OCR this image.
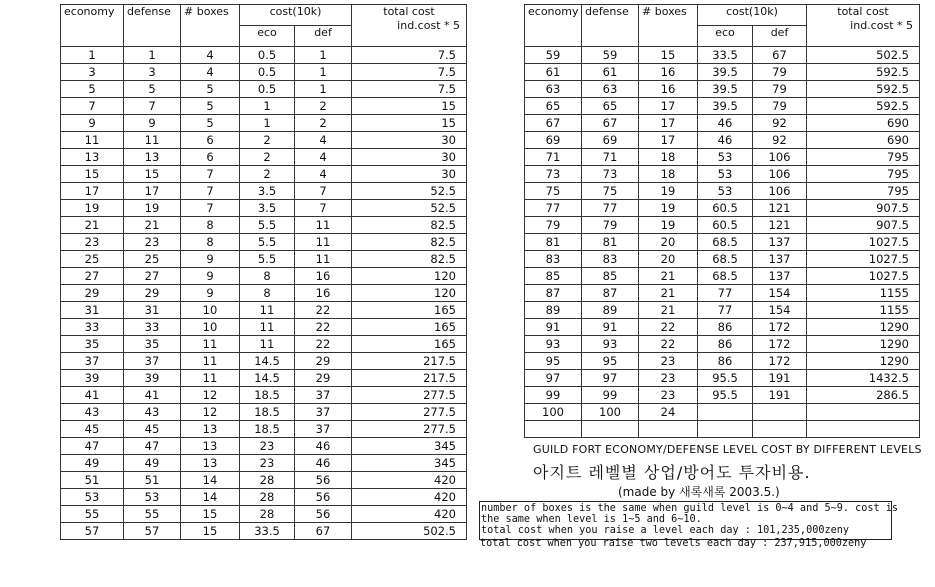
economy	defense	# boxes	cost(10k)		total cost
ind.cost * 5

			eco	def	
1	1	4	0.5	1	7.5
3	3	4	0.5	1	7.5
5	5	5	0.5	1	7.5
7	7	5	1	2	15
9	9	5	1	2	15
11	11	6	2	4	30
13	13	6	2	4	30
15	15	7	2	4	30
17	17	7	3.5	7	52.5
19	19	7	3.5	7	52.5
21	21	8	5.5	11	82.5
23	23	8	5.5	11	82.5
25	25	9	5.5	11	82.5
27	27	9	8	16	120
29	29	9	8	16	120
31	31	10	11	22	165
33	33	10	11	22	165
35	35	11	11	22	165
37	37	11	14.5	29	217.5
39	39	11	14.5	29	217.5
41	41	12	18.5	37	277.5
43	43	12	18.5	37	277.5
45	45	13	18.5	37	277.5
47	47	13	23	46	345
49	49	13	23	46	345
51	51	14	28	56	420
53	53	14	28	56	420
55	55	15	28	56	420
57	57	15	33.5	67	502.5
economy	defense	# boxes	cost(10k)		total cost
ind.cost * 5

			eco	def	
59	59	15	33.5	67	502.5
61	61	16	39.5	79	592.5
63	63	16	39.5	79	592.5
65	65	17	39.5	79	592.5
67	67	17	46	92	690
69	69	17	46	92	690
71	71	18	53	106	795
73	73	18	53	106	795
75	75	19	53	106	795
77	77	19	60.5	121	907.5
79	79	19	60.5	121	907.5
81	81	20	68.5	137	1027.5
83	83	20	68.5	137	1027.5
85	85	21	68.5	137	1027.5
87	87	21	77	154	1155
89	89	21	77	154	1155
91	91	22	86	172	1290
93	93	22	86	172	1290
95	95	23	86	172	1290
97	97	23	95.5	191	1432.5
99	99	23	95.5	191	286.5
100	100	24			

GUILD FORT ECONOMY/DEFENSE LEVEL COST BY DIFFERENT LEVELS
아지트 레벨별 상업/방어도 투자비용.
(made by 새록새록 2003.5.)
number of boxes is the same when guild level is 0~4 and 5~9. cost is
the same when level is 1~5 and 6~10.
total cost when you raise a level each day : 101,235,000zeny
total cost when you raise two levels each day : 237,915,000zeny
